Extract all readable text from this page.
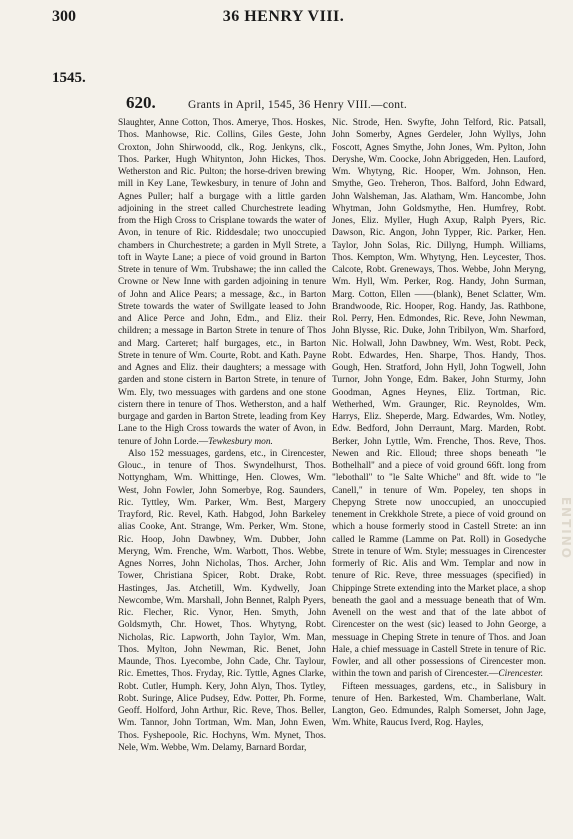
300	36 HENRY VIII.
1545.
620.	Grants in April, 1545, 36 Henry VIII.—cont.

Slaughter, Anne Cotton, Thos. Amerye, Thos. Hoskes, Thos. Manhowse, Ric. Collins, Giles Geste, John Croxton, John Shirwoodd, clk., Rog. Jenkyns, clk., Thos. Parker, Hugh Whitynton, John Hickes, Thos. Wetherston and Ric. Pulton; the horse-driven brewing mill in Key Lane, Tewkesbury, in tenure of John and Agnes Puller; half a burgage with a little garden adjoining in the street called Churchestrete leading from the High Cross to Crisplane towards the water of Avon, in tenure of Ric. Riddesdale; two unoccupied chambers in Churchestrete; a garden in Myll Strete, a toft in Wayte Lane; a piece of void ground in Barton Strete in tenure of Wm. Trubshawe; the inn called the Crowne or New Inne with garden adjoining in tenure of John and Alice Pears; a message, &c., in Barton Strete towards the water of Swillgate leased to John and Alice Perce and John, Edm., and Eliz. their children; a message in Barton Strete in tenure of Thos and Marg. Carteret; half burgages, etc., in Barton Strete in tenure of Wm. Courte, Robt. and Kath. Payne and Agnes and Eliz. their daughters; a message with garden and stone cistern in Barton Strete, in tenure of Wm. Ely, two messuages with gardens and one stone cistern there in tenure of Thos. Wetherston, and a half burgage and garden in Barton Strete, leading from Key Lane to the High Cross towards the water of Avon, in tenure of John Lorde.—Tewkesbury mon.

Also 152 messuages, gardens, etc., in Cirencester, Glouc., in tenure of Thos. Swyndelhurst, Thos. Nottyngham, Wm. Whittinge, Hen. Clowes, Wm. West, John Fowler, John Somerbye, Rog. Saunders, Ric. Tyttley, Wm. Parker, Wm. Best, Margery Trayford, Ric. Revel, Kath. Habgod, John Barkeley alias Cooke, Ant. Strange, Wm. Perker, Wm. Stone, Ric. Hoop, John Dawbney, Wm. Dubber, John Meryng, Wm. Frenche, Wm. Warbott, Thos. Webbe, Agnes Norres, John Nicholas, Thos. Archer, John Tower, Christiana Spicer, Robt. Drake, Robt. Hastinges, Jas. Atchetill, Wm. Kydwelly, Joan Newcombe, Wm. Marshall, John Bennet, Ralph Pyers, Ric. Flecher, Ric. Vynor, Hen. Smyth, John Goldsmyth, Chr. Howet, Thos. Whytyng, Robt. Nicholas, Ric. Lapworth, John Taylor, Wm. Man, Thos. Mylton, John Newman, Ric. Benet, John Maunde, Thos. Lyecombe, John Cade, Chr. Taylour, Ric. Emettes, Thos. Fryday, Ric. Tyttle, Agnes Clarke, Robt. Cutler, Humph. Kery, John Alyn, Thos. Tytley, Robt. Suringe, Alice Pudsey, Edw. Potter, Ph. Forme, Geoff. Holford, John Arthur, Ric. Reve, Thos. Beller, Wm. Tannor, John Tortman, Wm. Man, John Ewen, Thos. Fyshepoole, Ric. Hochyns, Wm. Mynet, Thos. Nele, Wm. Webbe, Wm. Delamy, Barnard Bordar,

Nic. Strode, Hen. Swyfte, John Telford, Ric. Patsall, John Somerby, Agnes Gerdeler, John Wyllys, John Foscott, Agnes Smythe, John Jones, Wm. Pylton, John Deryshe, Wm. Coocke, John Abriggeden, Hen. Lauford, Wm. Whytyng, Ric. Hooper, Wm. Johnson, Hen. Smythe, Geo. Treheron, Thos. Balford, John Edward, John Walsheman, Jas. Alatham, Wm. Hancombe, John Whytman, John Goldsmythe, Hen. Humfrey, Robt. Jones, Eliz. Myller, Hugh Axup, Ralph Pyers, Ric. Dawson, Ric. Angon, John Typper, Ric. Parker, Hen. Taylor, John Solas, Ric. Dillyng, Humph. Williams, Thos. Kempton, Wm. Whytyng, Hen. Leycester, Thos. Calcote, Robt. Greneways, Thos. Webbe, John Meryng, Wm. Hyll, Wm. Perker, Rog. Handy, John Surman, Marg. Cotton, Ellen ——(blank), Benet Sclatter, Wm. Brandwoode, Ric. Hooper, Rog. Handy, Jas. Rathbone, Rol. Perry, Hen. Edmondes, Ric. Reve, John Newman, John Blysse, Ric. Duke, John Tribilyon, Wm. Sharford, Nic. Holwall, John Dawbney, Wm. West, Robt. Peck, Robt. Edwardes, Hen. Sharpe, Thos. Handy, Thos. Gough, Hen. Stratford, John Hyll, John Togwell, John Turnor, John Yonge, Edm. Baker, John Sturmy, John Goodman, Agnes Heynes, Eliz. Tortman, Ric. Wetherhed, Wm. Graunger, Ric. Reynoldes, Wm. Harrys, Eliz. Sheperde, Marg. Edwardes, Wm. Notley, Edw. Bedford, John Derraunt, Marg. Marden, Robt. Berker, John Lyttle, Wm. Frenche, Thos. Reve, Thos. Newen and Ric. Elloud; three shops beneath "le Bothelhall" and a piece of void ground 66ft. long from "lebothall" to "le Salte Whiche" and 8ft. wide to "le Canell," in tenure of Wm. Popeley, ten shops in Chepyng Strete now unoccupied, an unoccupied tenement in Crekkhole Strete, a piece of void ground on which a house formerly stood in Castell Strete: an inn called le Ramme (Lamme on Pat. Roll) in Gosedyche Strete in tenure of Wm. Style; messuages in Cirencester formerly of Ric. Alis and Wm. Templar and now in tenure of Ric. Reve, three messuages (specified) in Chippinge Strete extending into the Market place, a shop beneath the gaol and a messuage beneath that of Wm. Avenell on the west and that of the late abbot of Cirencester on the west (sic) leased to John George, a messuage in Cheping Strete in tenure of Thos. and Joan Hale, a chief messuage in Castell Strete in tenure of Ric. Fowler, and all other possessions of Cirencester mon. within the town and parish of Cirencester.—Cirencester.

Fifteen messuages, gardens, etc., in Salisbury in tenure of Hen. Barkested, Wm. Chamberlane, Walt. Langton, Geo. Edmundes, Ralph Somerset, John Jage, Wm. White, Raucus Iverd, Rog. Hayles,

ENTINO
